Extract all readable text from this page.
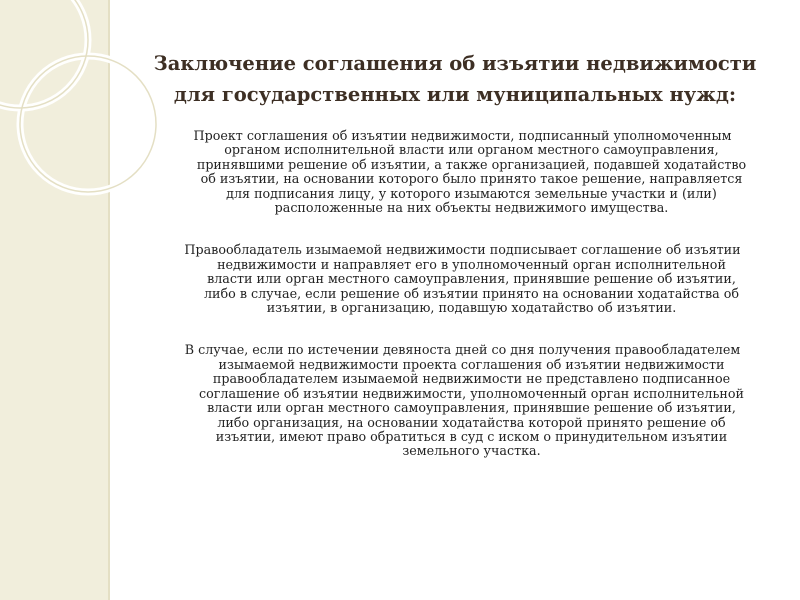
Заключение соглашения об изъятии недвижимости
для государственных или муниципальных нужд:

Проект соглашения об изъятии недвижимости, подписанный уполномоченным
органом исполнительной власти или органом местного самоуправления,
принявшими решение об изъятии, а также организацией, подавшей ходатайство
об изъятии, на основании которого было принято такое решение, направляется
для подписания лицу, у которого изымаются земельные участки и (или)
расположенные на них объекты недвижимого имущества.

Правообладатель изымаемой недвижимости подписывает соглашение об изъятии
недвижимости и направляет его в уполномоченный орган исполнительной
власти или орган местного самоуправления, принявшие решение об изъятии,
либо в случае, если решение об изъятии принято на основании ходатайства об
изъятии, в организацию, подавшую ходатайство об изъятии.

В случае, если по истечении девяноста дней со дня получения правообладателем
изымаемой недвижимости проекта соглашения об изъятии недвижимости
правообладателем изымаемой недвижимости не представлено подписанное
соглашение об изъятии недвижимости, уполномоченный орган исполнительной
власти или орган местного самоуправления, принявшие решение об изъятии,
либо организация, на основании ходатайства которой принято решение об
изъятии, имеют право обратиться в суд с иском о принудительном изъятии
земельного участка.
